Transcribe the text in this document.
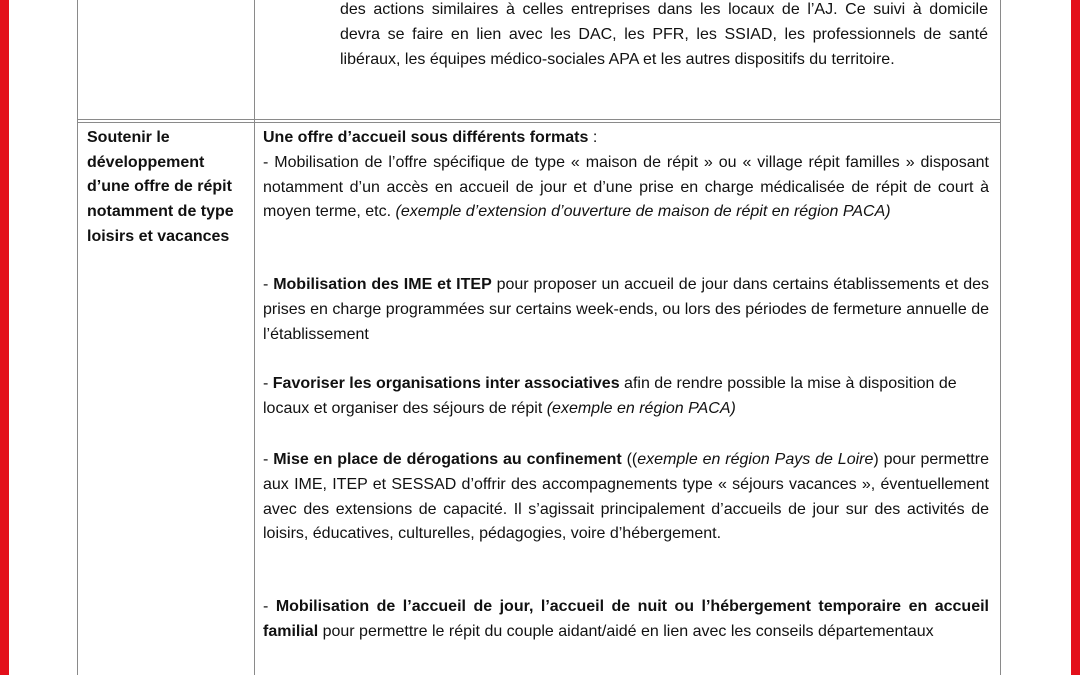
des actions similaires à celles entreprises dans les locaux de l’AJ. Ce suivi à domicile devra se faire en lien avec les DAC, les PFR, les SSIAD, les professionnels de santé libéraux, les équipes médico-sociales APA et les autres dispositifs du territoire.

Soutenir le développement d’une offre de répit notamment de type loisirs et vacances

Une offre d’accueil sous différents formats :
- Mobilisation de l’offre spécifique de type « maison de répit » ou « village répit familles » disposant notamment d’un accès en accueil de jour et d’une prise en charge médicalisée de répit de court à moyen terme, etc. (exemple d’extension d’ouverture de maison de répit en région PACA)

- Mobilisation des IME et ITEP pour proposer un accueil de jour dans certains établissements et des prises en charge programmées sur certains week-ends, ou lors des périodes de fermeture annuelle de l’établissement

- Favoriser les organisations inter associatives afin de rendre possible la mise à disposition de locaux et organiser des séjours de répit (exemple en région PACA)

- Mise en place de dérogations au confinement ((exemple en région Pays de Loire) pour permettre aux IME, ITEP et SESSAD d’offrir des accompagnements type « séjours vacances », éventuellement avec des extensions de capacité. Il s’agissait principalement d’accueils de jour sur des activités de loisirs, éducatives, culturelles, pédagogies, voire d’hébergement.

- Mobilisation de l’accueil de jour, l’accueil de nuit ou l’hébergement temporaire en accueil familial pour permettre le répit du couple aidant/aidé en lien avec les conseils départementaux
